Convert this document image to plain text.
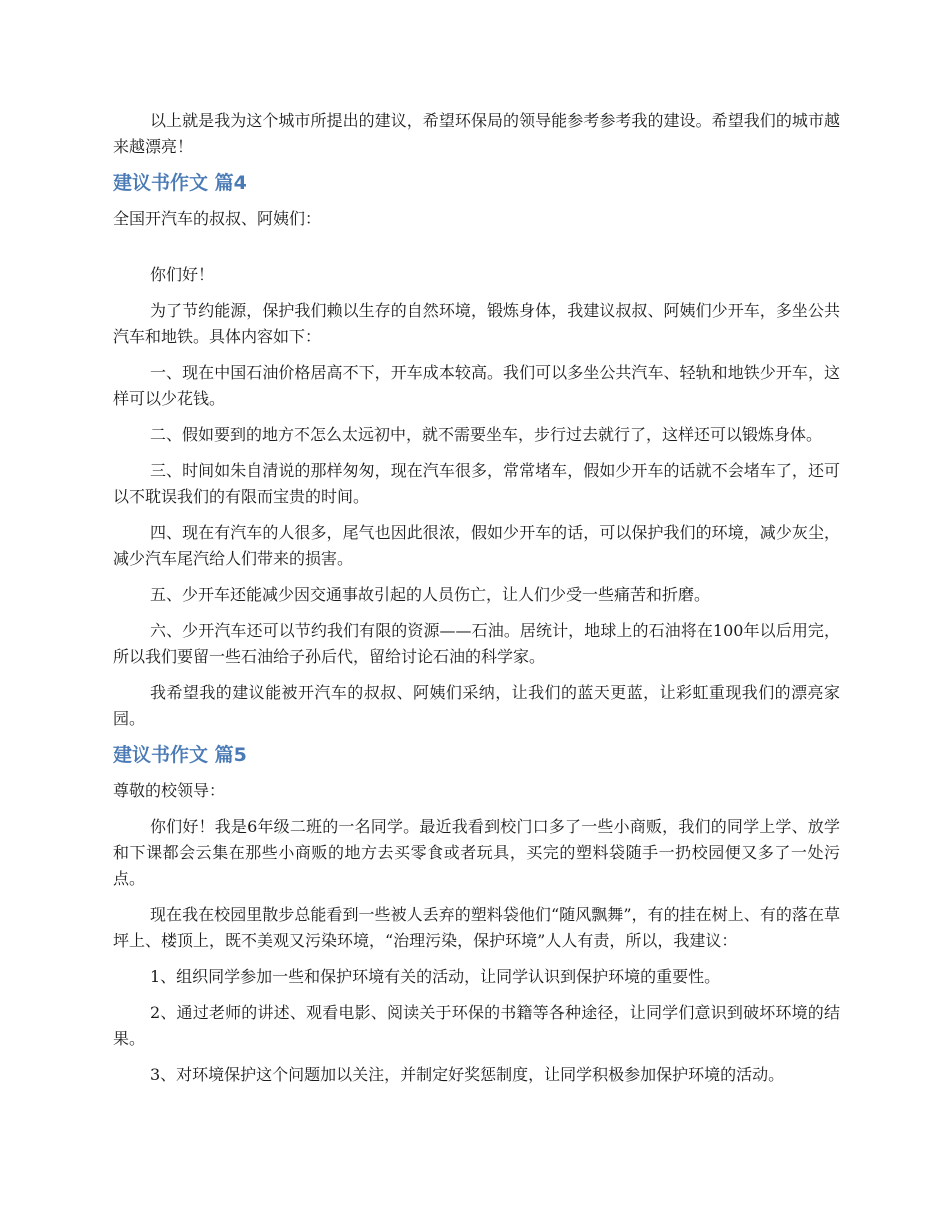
以上就是我为这个城市所提出的建议，希望环保局的领导能参考参考我的建设。希望我们的城市越来越漂亮！

建议书作文 篇4

全国开汽车的叔叔、阿姨们：

你们好！

为了节约能源，保护我们赖以生存的自然环境，锻炼身体，我建议叔叔、阿姨们少开车，多坐公共汽车和地铁。具体内容如下：

一、现在中国石油价格居高不下，开车成本较高。我们可以多坐公共汽车、轻轨和地铁少开车，这样可以少花钱。

二、假如要到的地方不怎么太远初中，就不需要坐车，步行过去就行了，这样还可以锻炼身体。

三、时间如朱自清说的那样匆匆，现在汽车很多，常常堵车，假如少开车的话就不会堵车了，还可以不耽误我们的有限而宝贵的时间。

四、现在有汽车的人很多，尾气也因此很浓，假如少开车的话，可以保护我们的环境，减少灰尘，减少汽车尾汽给人们带来的损害。

五、少开车还能减少因交通事故引起的人员伤亡，让人们少受一些痛苦和折磨。

六、少开汽车还可以节约我们有限的资源——石油。居统计，地球上的石油将在100年以后用完，所以我们要留一些石油给子孙后代，留给讨论石油的科学家。

我希望我的建议能被开汽车的叔叔、阿姨们采纳，让我们的蓝天更蓝，让彩虹重现我们的漂亮家园。

建议书作文 篇5

尊敬的校领导：

你们好！我是6年级二班的一名同学。最近我看到校门口多了一些小商贩，我们的同学上学、放学和下课都会云集在那些小商贩的地方去买零食或者玩具，买完的塑料袋随手一扔校园便又多了一处污点。

现在我在校园里散步总能看到一些被人丢弃的塑料袋他们“随风飘舞”，有的挂在树上、有的落在草坪上、楼顶上，既不美观又污染环境，“治理污染，保护环境”人人有责，所以，我建议：

1、组织同学参加一些和保护环境有关的活动，让同学认识到保护环境的重要性。

2、通过老师的讲述、观看电影、阅读关于环保的书籍等各种途径，让同学们意识到破坏环境的结果。

3、对环境保护这个问题加以关注，并制定好奖惩制度，让同学积极参加保护环境的活动。
